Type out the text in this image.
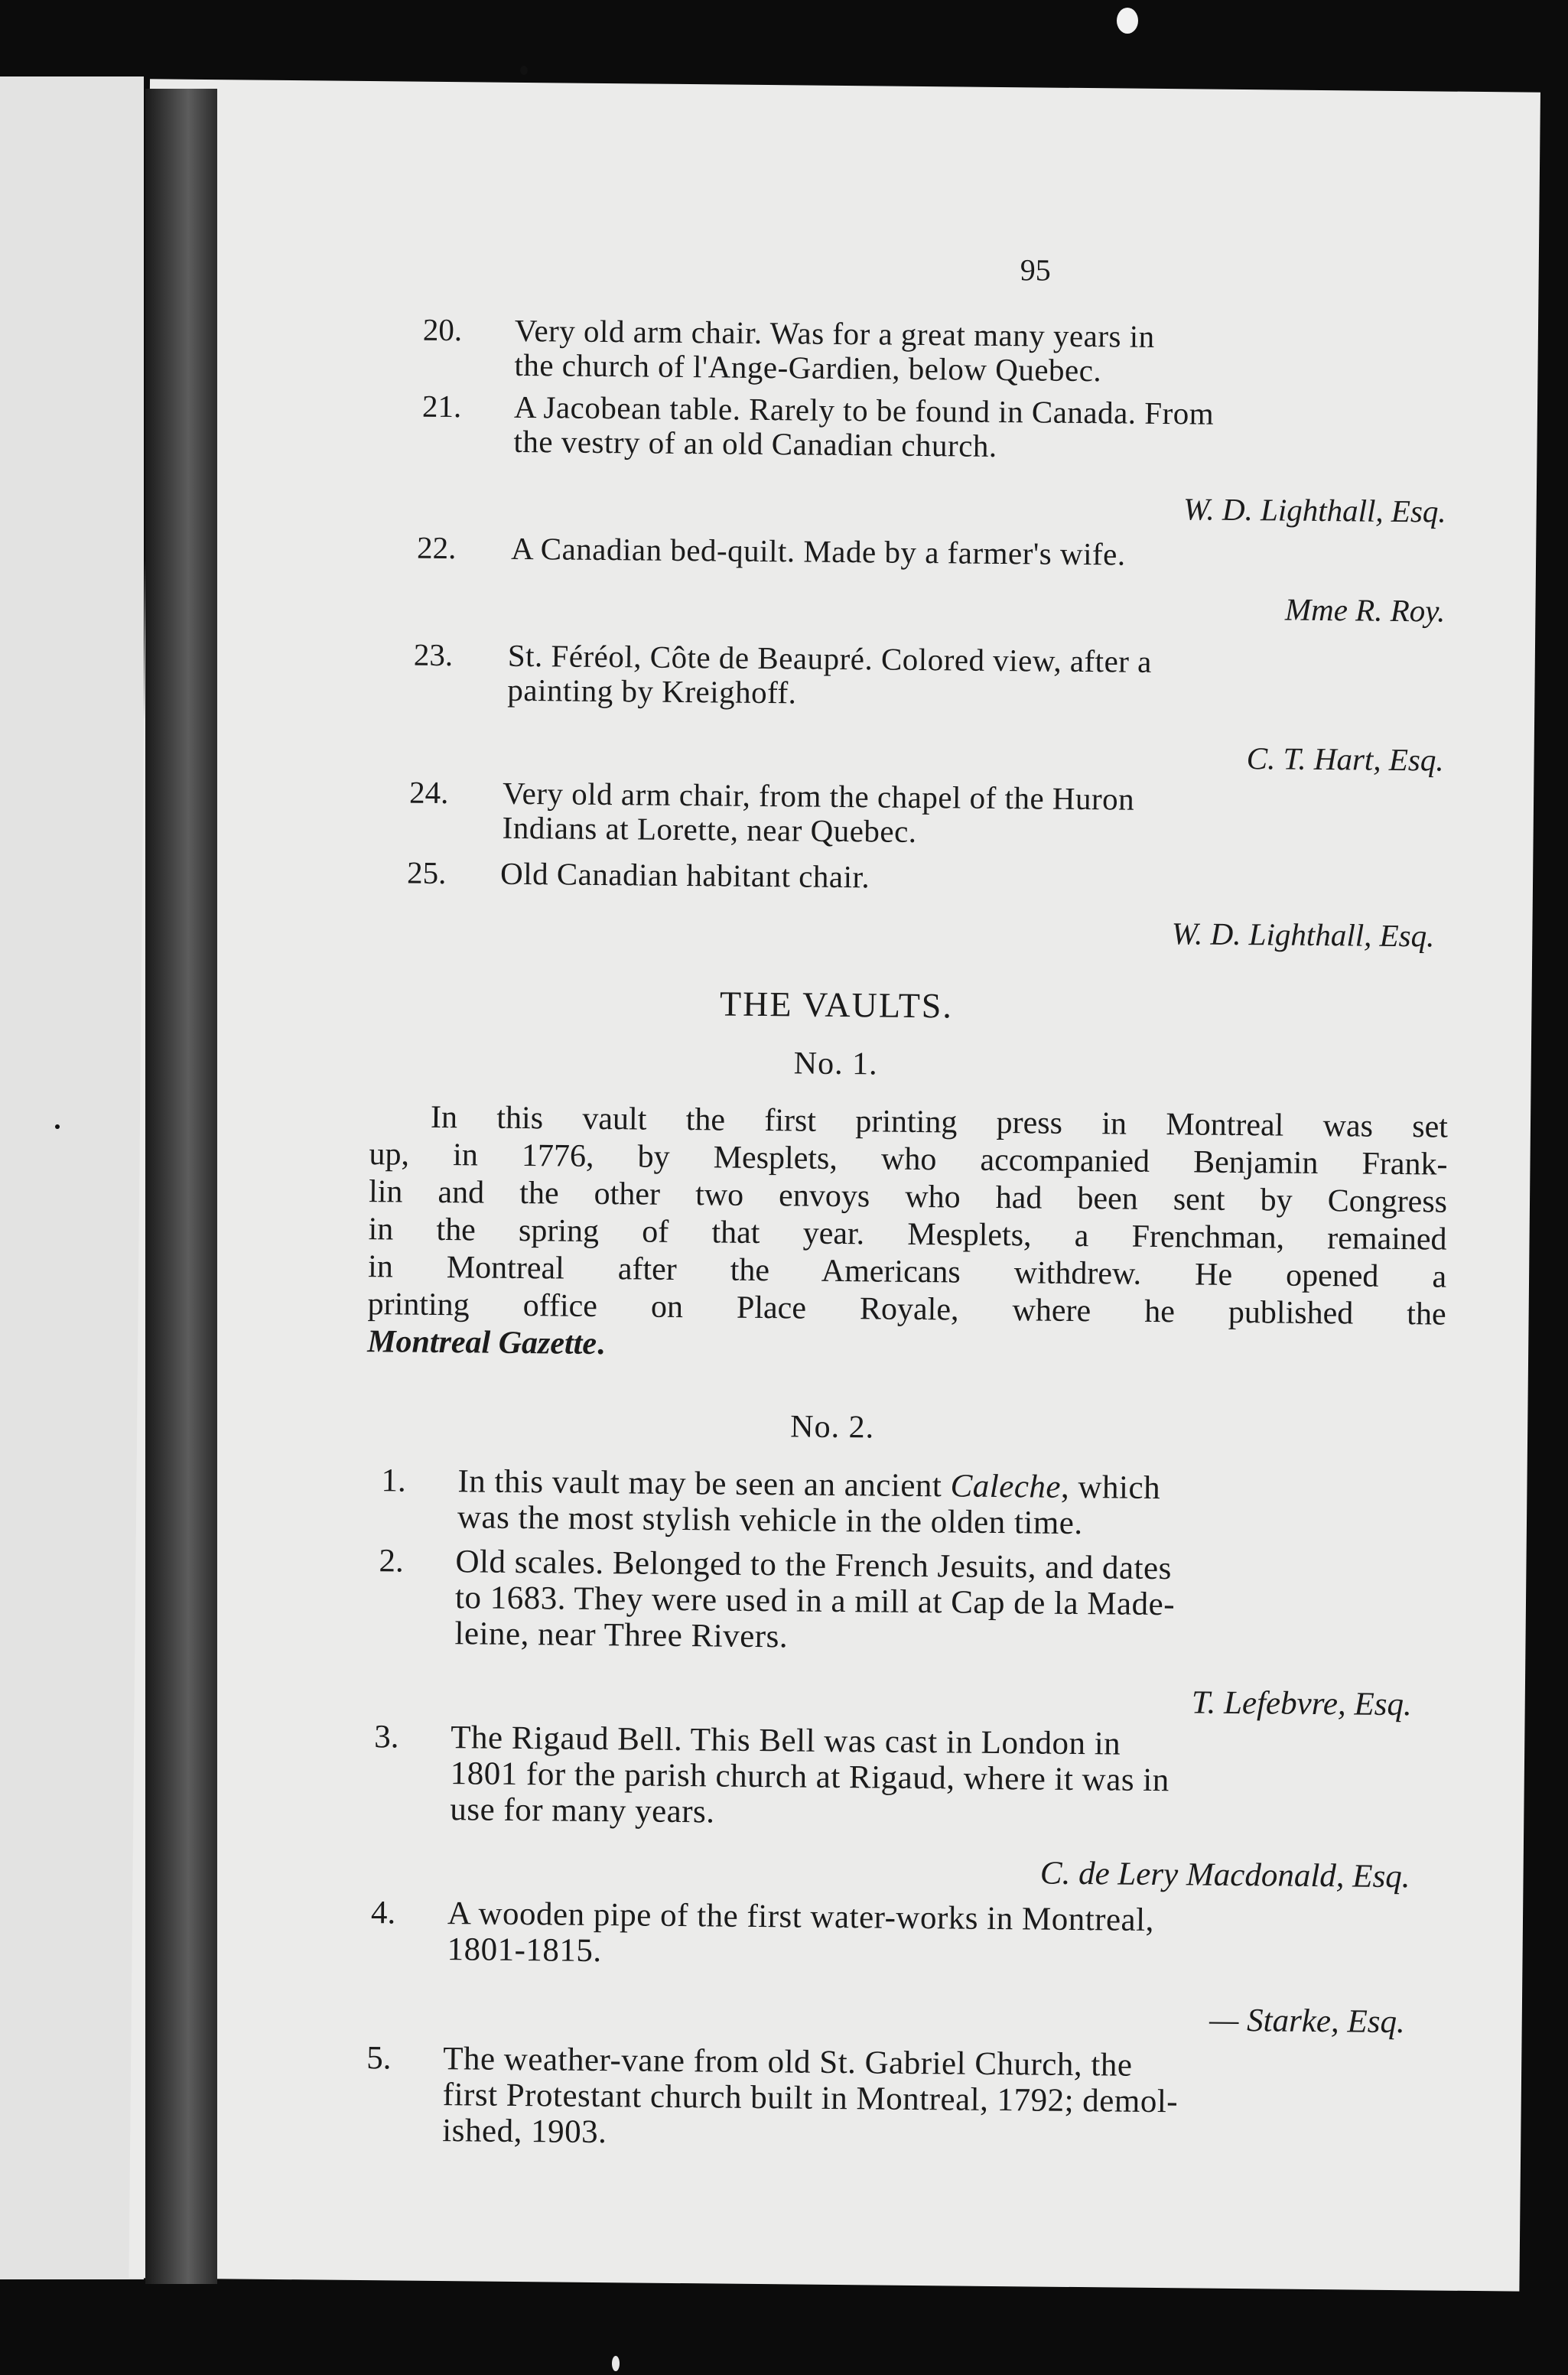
95
20.	Very old arm chair. Was for a great many years in
the church of l'Ange-Gardien, below Quebec.
21.	A Jacobean table. Rarely to be found in Canada. From
the vestry of an old Canadian church.
W. D. Lighthall, Esq.
22.	A Canadian bed-quilt. Made by a farmer's wife.
Mme R. Roy.
23.	St. Féréol, Côte de Beaupré. Colored view, after a
painting by Kreighoff.
C. T. Hart, Esq.
24.	Very old arm chair, from the chapel of the Huron
Indians at Lorette, near Quebec.
25.	Old Canadian habitant chair.
W. D. Lighthall, Esq.
THE VAULTS.
No. 1.
In this vault the first printing press in Montreal was set
up, in 1776, by Mesplets, who accompanied Benjamin Frank-
lin and the other two envoys who had been sent by Congress
in the spring of that year. Mesplets, a Frenchman, remained
in Montreal after the Americans withdrew. He opened a
printing office on Place Royale, where he published the
Montreal Gazette.
No. 2.
1.	In this vault may be seen an ancient Caleche, which
was the most stylish vehicle in the olden time.
2.	Old scales. Belonged to the French Jesuits, and dates
to 1683. They were used in a mill at Cap de la Made-
leine, near Three Rivers.
T. Lefebvre, Esq.
3.	The Rigaud Bell. This Bell was cast in London in
1801 for the parish church at Rigaud, where it was in
use for many years.
C. de Lery Macdonald, Esq.
4.	A wooden pipe of the first water-works in Montreal,
1801-1815.
— Starke, Esq.
5.	The weather-vane from old St. Gabriel Church, the
first Protestant church built in Montreal, 1792; demol-
ished, 1903.
